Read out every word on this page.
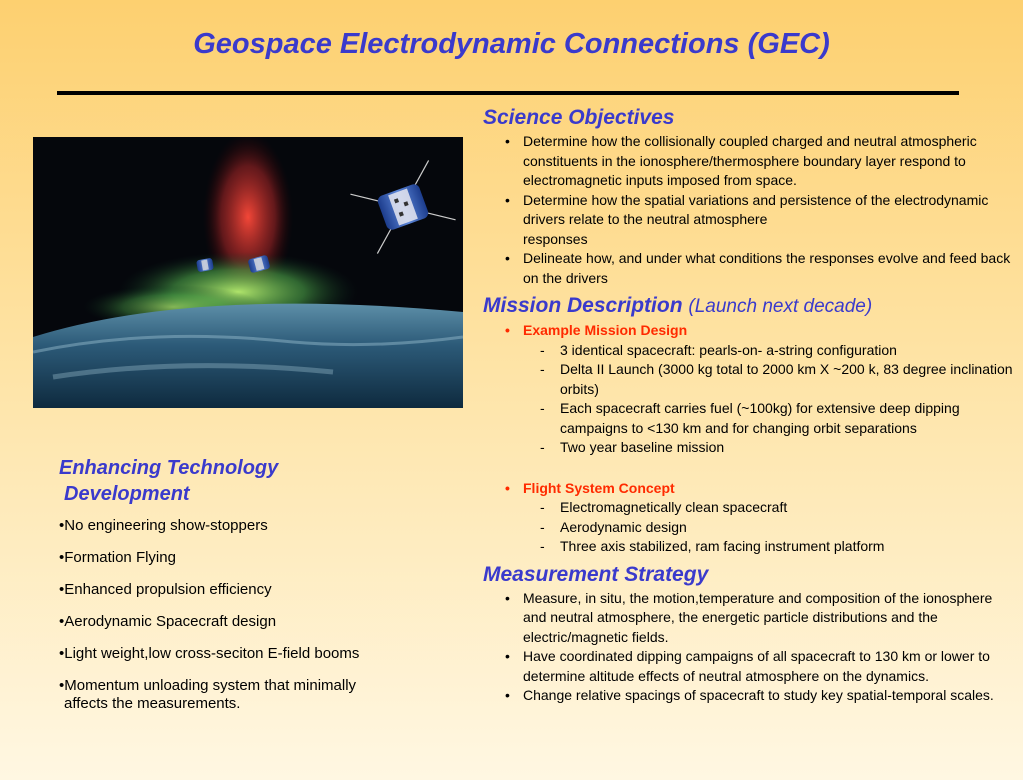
Geospace Electrodynamic Connections (GEC)
Enhancing Technology
Development
•No engineering show-stoppers
•Formation Flying
•Enhanced propulsion efficiency
•Aerodynamic Spacecraft design
•Light weight,low cross-seciton E-field booms
•Momentum unloading system that minimally
affects the measurements.
Science Objectives
• Determine how the collisionally coupled charged and neutral atmospheric constituents in the ionosphere/thermosphere boundary layer respond to electromagnetic inputs imposed from space.
• Determine how the spatial variations and persistence of the electrodynamic drivers relate to the neutral atmosphere
responses
• Delineate how, and under what conditions the responses evolve and feed back on the drivers
Mission Description (Launch next decade)
• Example Mission Design
- 3 identical spacecraft: pearls-on- a-string configuration
- Delta II Launch (3000 kg total to 2000 km X ~200 k, 83 degree inclination orbits)
- Each spacecraft carries fuel (~100kg) for extensive deep dipping campaigns to <130 km and for changing orbit separations
- Two year baseline mission
• Flight System Concept
- Electromagnetically clean spacecraft
- Aerodynamic design
- Three axis stabilized, ram facing instrument platform
Measurement Strategy
• Measure, in situ, the motion,temperature and composition of the ionosphere and neutral atmosphere, the energetic particle distributions and the electric/magnetic fields.
• Have coordinated dipping campaigns of all spacecraft to 130 km or lower to determine altitude effects of neutral atmosphere on the dynamics.
• Change relative spacings of spacecraft to study key spatial-temporal scales.
